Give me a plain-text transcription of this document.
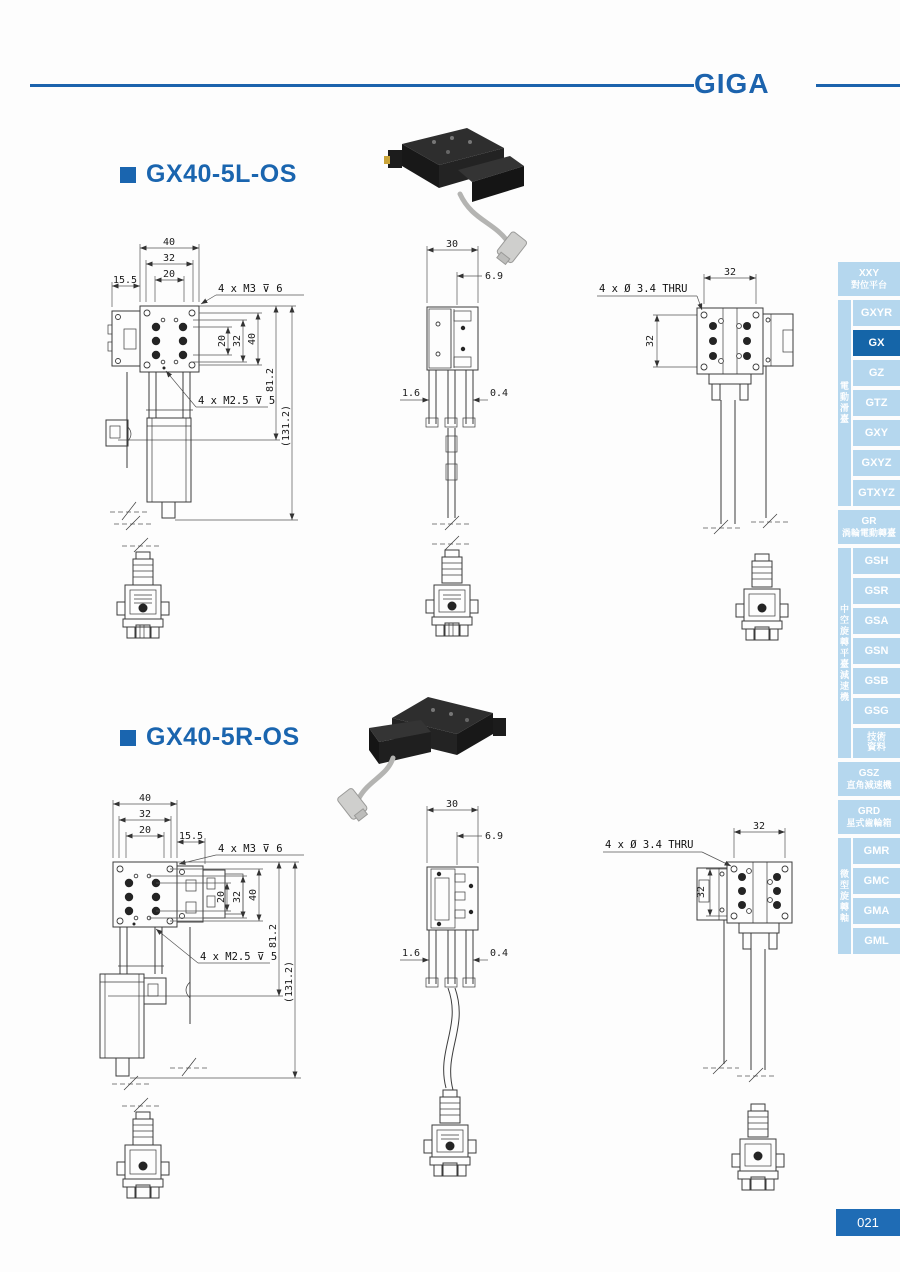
GIGA
GX40-5L-OS
GX40-5R-OS
40
32
20
15.5
4 x M3 ⊽ 6
20 32 40
81.2
(131.2)
4 x M2.5 ⊽ 5
30
6.9
1.6	0.4
4 x Ø 3.4 THRU
32
32
40
32
20
15.5
4 x M3 ⊽ 6
20 32 40
81.2
(131.2)
4 x M2.5 ⊽ 5
30
6.9
1.6	0.4
4 x Ø 3.4 THRU
32
32
XXY
對位平台
電動滑臺
GXYR
GX
GZ
GTZ
GXY
GXYZ
GTXYZ
GR
渦輪電動轉臺
中空旋轉平臺減速機
GSH
GSR
GSA
GSN
GSB
GSG
技術
資料
GSZ
直角減速機
GRD
星式齒輪箱
微型旋轉軸
GMR
GMC
GMA
GML
021
